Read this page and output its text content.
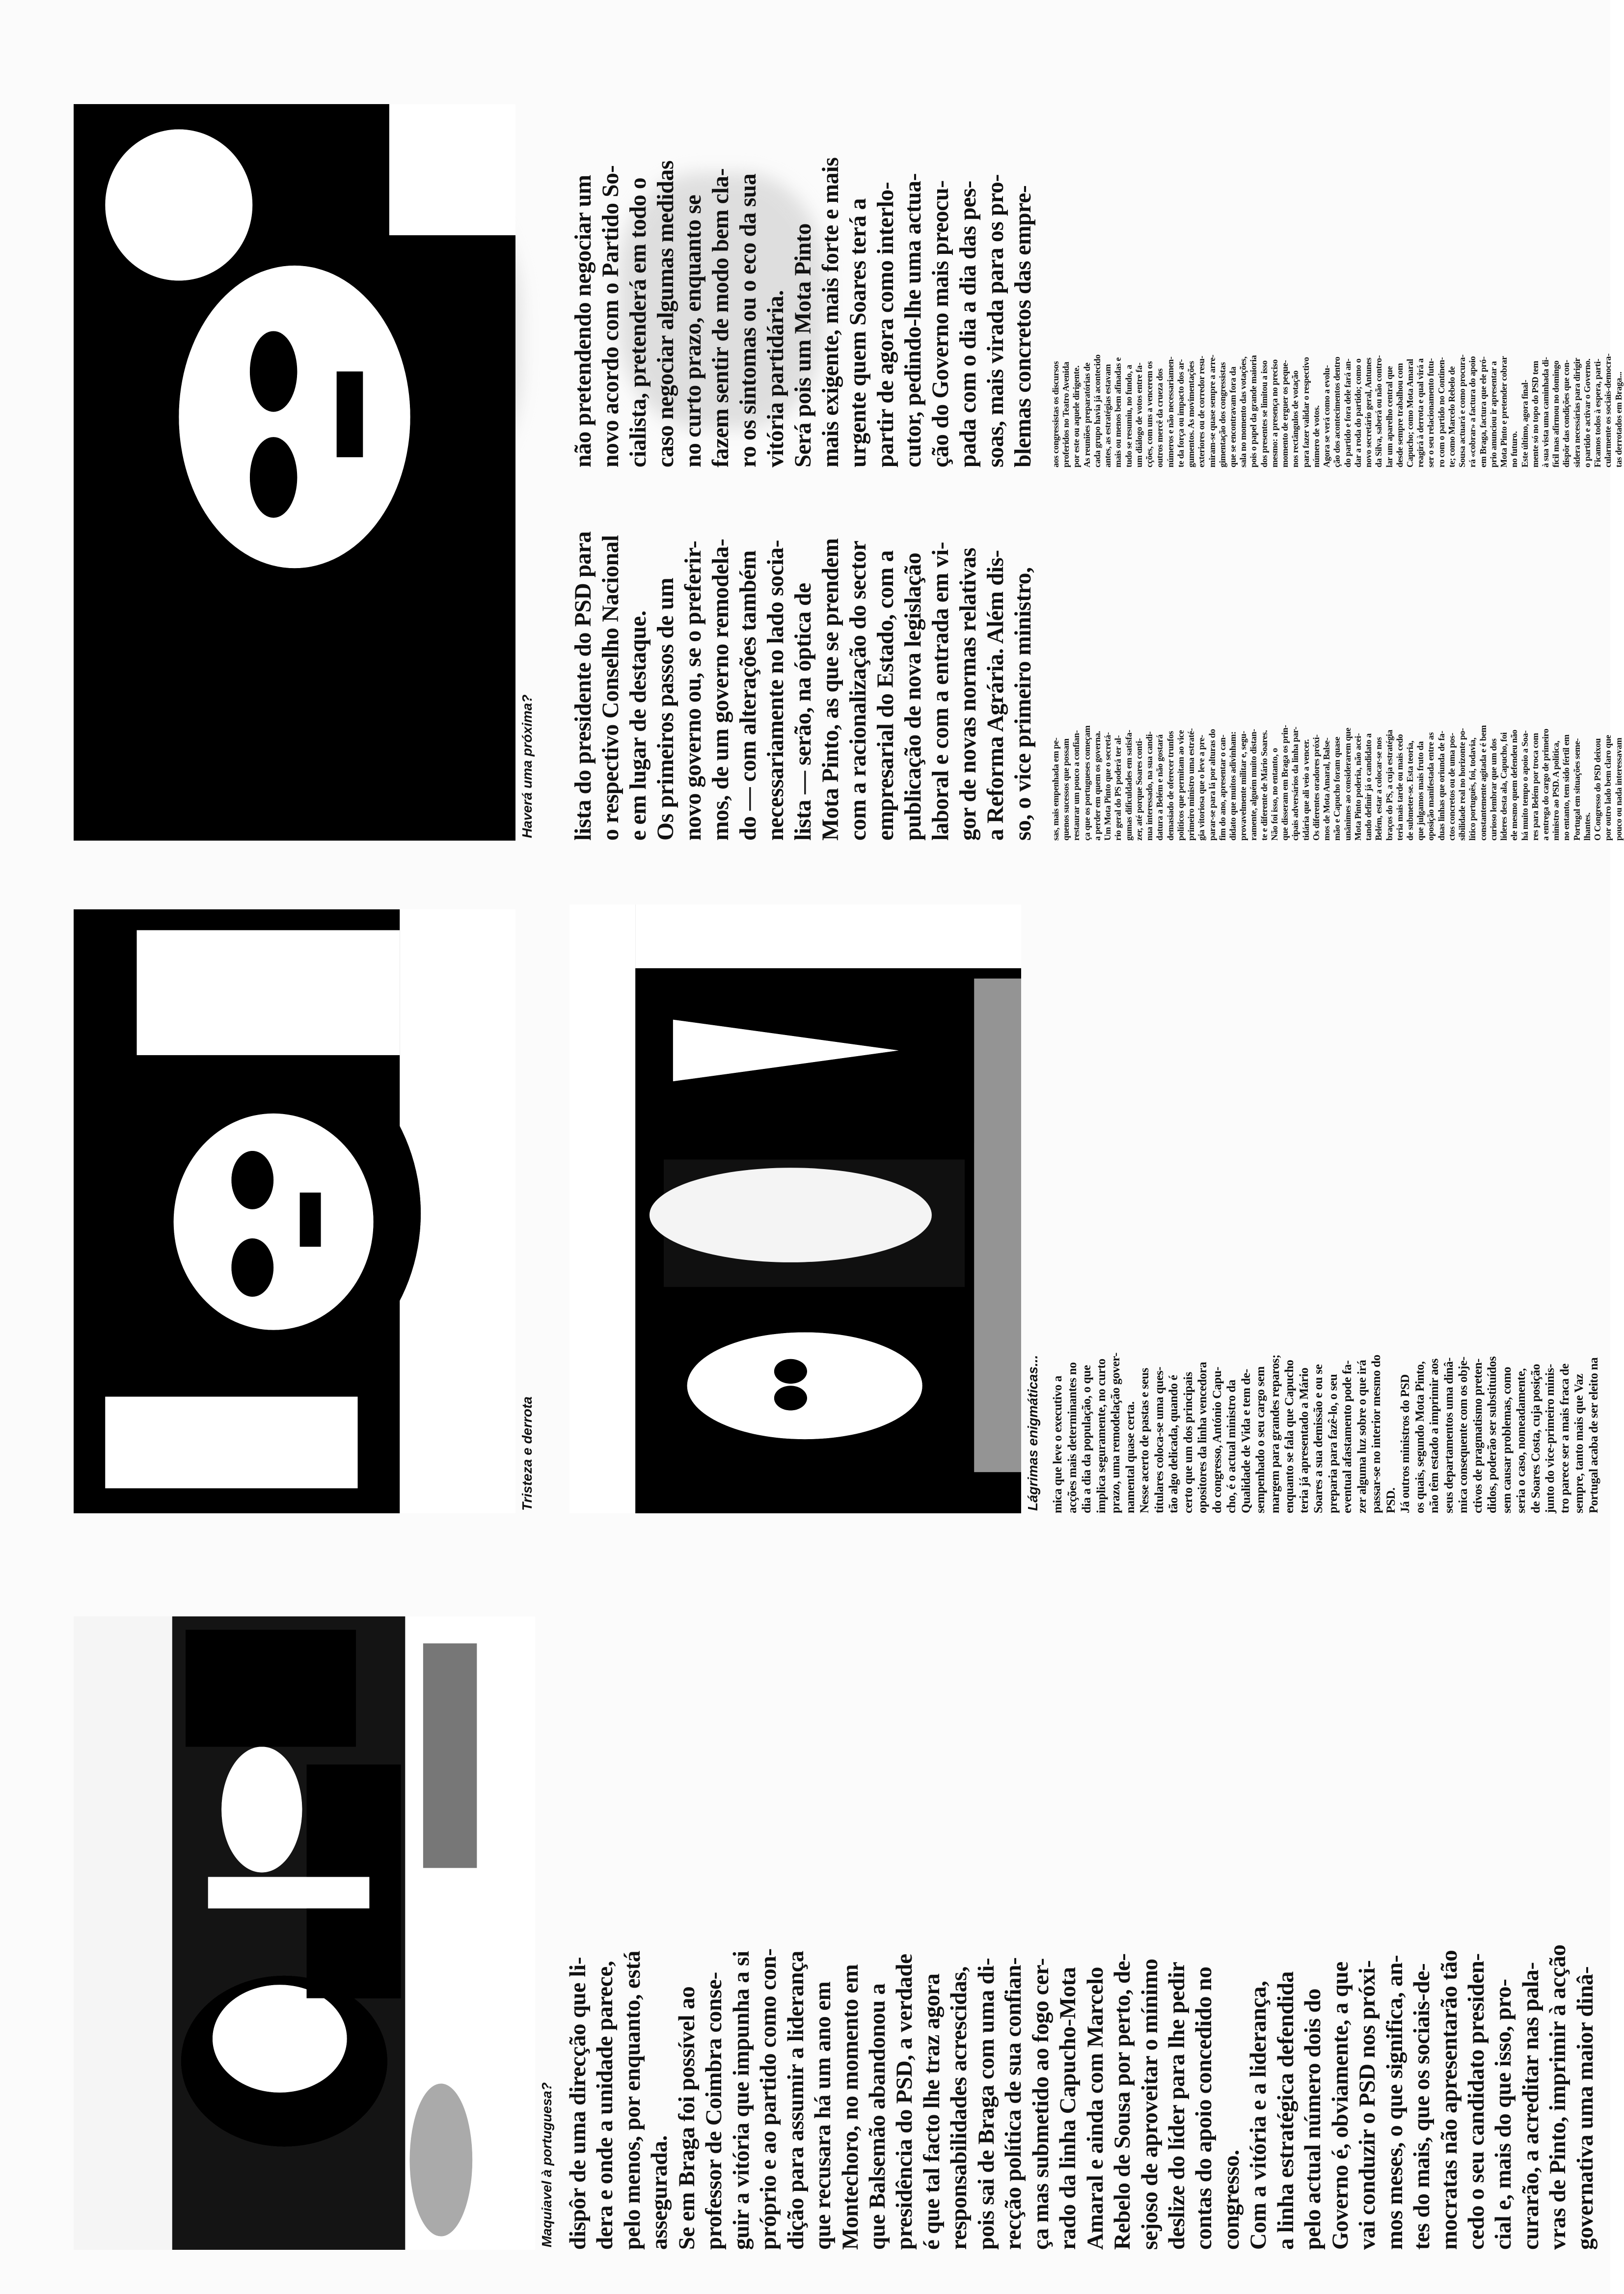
Maquiavel à portuguesa?
Tristeza e derrota
Haverá uma próxima?
Lágrimas enigmáticas...
dispôr de uma direcção que li-
dera e onde a unidade parece,
pelo menos, por enquanto, está
assegurada.
Se em Braga foi possível ao
professor de Coimbra conse-
guir a vitória que impunha a si
próprio e ao partido como con-
dição para assumir a liderança
que recusara há um ano em
Montechoro, no momento em
que Balsemão abandonou a
presidência do PSD, a verdade
é que tal facto lhe traz agora
responsabilidades acrescidas,
pois sai de Braga com uma di-
recção política de sua confian-
ça mas submetido ao fogo cer-
rado da linha Capucho-Mota
Amaral e ainda com Marcelo
Rebelo de Sousa por perto, de-
sejoso de aproveitar o mínimo
deslize do líder para lhe pedir
contas do apoio concedido no
congresso.
Com a vitória e a liderança,
a linha estratégica defendida
pelo actual número dois do
Governo é, obviamente, a que
vai conduzir o PSD nos próxi-
mos meses, o que significa, an-
tes do mais, que os sociais-de-
mocratas não apresentarão tão
cedo o seu candidato presiden-
cial e, mais do que isso, pro-
curarão, a acreditar nas pala-
vras de Pinto, imprimir à acção
governativa uma maior dinâ-
mica que leve o executivo a
acções mais determinantes no
dia a dia da população, o que
implica seguramente, no curto
prazo, uma remodelação gover-
namental quase certa.
Nesse acerto de pastas e seus
titulares coloca-se uma ques-
tão algo delicada, quando é
certo que um dos principais
opositores da linha vencedora
do congresso, António Capu-
cho, é o actual ministro da
Qualidade de Vida e tem de-
sempenhado o seu cargo sem
margem para grandes reparos;
enquanto se fala que Capucho
teria já apresentado a Mário
Soares a sua demissão e ou se
preparia para fazê-lo, o seu
eventual afastamento pode fa-
zer alguma luz sobre o que irá
passar-se no interior mesmo do
PSD.
Já outros ministros do PSD
os quais, segundo Mota Pinto,
não têm estado a imprimir aos
seus departamentos uma dinâ-
mica consequente com os obje-
ctivos de pragmatismo preten-
didos, poderão ser substituídos
sem causar problemas, como
seria o caso, nomeadamente,
de Soares Costa, cuja posição
junto do vice-primeiro minis-
tro parece ser a mais fraca de
sempre, tanto mais que Vaz
Portugal acaba de ser eleito na
lista do presidente do PSD para
o respectivo Conselho Nacional
e em lugar de destaque.
Os primeiros passos de um
novo governo ou, se o preferir-
mos, de um governo remodela-
do — com alterações também
necessariamente no lado socia-
lista — serão, na óptica de
Mota Pinto, as que se prendem
com a racionalização do sector
empresarial do Estado, com a
publicação de nova legislação
laboral e com a entrada em vi-
gor de novas normas relativas
a Reforma Agrária. Além dis-
so, o vice primeiro ministro,
não pretendendo negociar um
novo acordo com o Partido So-
cialista, pretenderá em todo o
caso negociar algumas medidas
no curto prazo, enquanto se
fazem sentir de modo bem cla-
ro os sintomas ou o eco da sua
vitória partidária.
Será pois um Mota Pinto
mais exigente, mais forte e mais
urgente quem Soares terá a
partir de agora como interlo-
cutor, pedindo-lhe uma actua-
ção do Governo mais preocu-
pada com o dia a dia das pes-
soas, mais virada para os pro-
blemas concretos das empre-
sas, mais empenhada em pe-
quenos sucessos que possam
restaurar um pouco a confian-
ça que os portugueses começam
a perder em quem os governa.
Um Mota Pinto que o secretá-
rio geral do PS poderá ter al-
gumas dificuldades em satisfa-
zer, até porque Soares conti-
nua interessado, na sua candi-
datura a Belém e não gostará
demasiado de oferecer trunfos
políticos que permitam ao vice
primeiro ministro uma estraté-
gia vitoriosa que o leve a pre-
parar-se para lá por alturas do
fim do ano, apresentar o can-
didato que muitos adivinham:
provavelmente militar e, segu-
ramente, alguém muito distan-
te e diferente de Mário Soares.
Não foi isso, no entanto, o
que disseram em Braga os prin-
cipais adversários da linha par-
tidária que ali veio a vencer.
Os diferentes oradores próxi-
mos de Mota Amaral, Balse-
mão e Capucho foram quase
unânimes ao considerarem que
Mota Pinto poderia, não acei-
tando definir já o candidato a
Belém, estar a colocar-se nos
braços do PS, a cuja estratégia
teria mais tarde ou mais cedo
de submeter-se. Esta teoria,
que julgamos mais fruto da
oposição manifestada entre as
duas linhas que oriunda de fa-
ctos concretos ou de uma pos-
sibilidade real no horizonte po-
lítico português, foi, todavia,
constantemente agitada e é bem
curioso lembrar que um dos
líderes desta ala, Capucho, foi
ele mesmo quem defendeu não
há muito tempo o apoio a Soa-
res para Belém por troca com
a entrega do cargo de primeiro
ministro ao PSD. A política,
no entanto, tem sido fértil em
Portugal em situações seme-
lhantes.
O Congresso do PSD deixou
por outro lado bem claro que
pouco ou nada interessavam
aos congressistas os discursos
proferidos no Teatro Avenida
por este ou aquele dirigente.
As reuniões preparatórias de
cada grupo havia já acontecido
antes, as estratégias estavam
mais ou menos bem afinadas e
tudo se resumiu, no fundo, a
um diálogo de votos entre fa-
cções, com uns a vencerem os
outros mercê da crueza dos
números e não necessariamen-
te da força ou impacto dos ar-
gumentos. As movimentações
exteriores ou de corredor resu-
miram-se quase sempre a arre-
gimentação dos congressistas
que se encontravam fora da
sala no momento das votações,
pois o papel da grande maioria
dos presentes se limitou a isso
mesmo: a presença no preciso
momento de erguer os peque-
nos rectângulos de votação
para fazer validar o respectivo
número de votos.
Agora se verá como a evolu-
ção dos acontecimentos dentro
do partido e fora dele fará an-
dar a roda do partido; como o
novo secretário geral, Antunes
da Silva, saberá ou não contro-
lar um aparelho central que
desde sempre trabalhou com
Capucho; como Mota Amaral
reagirá à derrota e qual virá a
ser o seu relacionamento futu-
ro com o partido no Continen-
te; como Marcelo Rebelo de
Sousa actuará e como procura-
rá «cobrar» a factura do apoio
em Braga, factura que ele pró-
prio anunciou ir apresentar a
Mota Pinto e pretender cobrar
no futuro.
Este último, agora final-
mente só no topo do PSD tem
à sua vista uma caminhada di-
fícil mas afirmou no domingo
dispôr das condições que con-
sidera necessárias para dirigir
o partido e activar o Governo.
Ficamos todos à espera, parti-
cularmente os sociais-democra-
tas derrotados em Braga...
